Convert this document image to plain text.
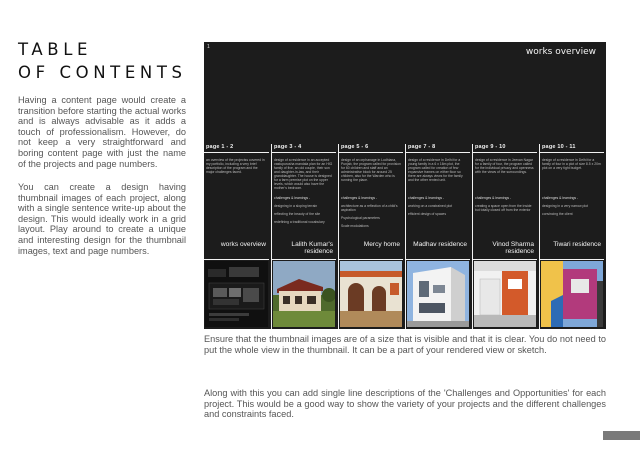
TABLE
OF CONTENTS

Having a content page would create a transition before starting the actual works and is always advisable as it adds a touch of professionalism. However, do not keep a very straightforward and boring content page with just the name of the projects and page numbers.

You can create a design having thumbnail images of each project, along with a single sentence write-up about the design. This would ideally work in a grid layout. Play around to create a unique and interesting design for the thumbnail images, text and page numbers.

1	works overview
page 1 - 2

an overview of the projectss covered in my portfolio, including a very brief description of the program and the major challenges faced.

works overview
page 3 - 4

design of a residence in an accepted vastupurusha mandala plan for an HIG family of five, an old couple, their son and daughter-in-law, and their granddaughter. The house is designed for a farm premise plot on the upper levels, which would also have the mother's bedroom.

challenges & learnings -
designing in a sloping terrain
reflecting the beauty of the site
redefining a traditional vocabulary
Lalith Kumar's residence
page 5 - 6

design of an orphanage in Ludhiana, Punjab, the program called for provision for 60 children and staff and an administrative block for around 25 children, also for the Warden who is running the place.

challenges & learnings -
architecture as a reflection of a child's aspiration
Psychological parameters
Scale modulations
Mercy home
page 7 - 8

design of a residence in Delhi for a young family in a 6 x 16m plot, the program called for creation of few expansive frames on either floor so there are always views for the family and the other rented unit.

challenges & learnings -
working on a constrained plot
efficient design of spaces
Madhav residence
page 9 - 10

design of a residence in Jeevan Nagar for a family of four, the program called for the individual privacy and openness with the views of the surroundings.

challenges & learnings -
creating a space open from the inside but totally closed off from the exterior
Vinod Sharma residence
page 10 - 11

design of a residence in Delhi for a family of four in a plot of size 8.5 x 20m plot on a very tight budget.

challenges & learnings -
designing in a very narrow plot
convincing the client
Tiwari residence

Ensure that the thumbnail images are of a size that is visible and that it is clear. You do not need to put the whole view in the thumbnail. It can be a part of your rendered view or sketch.

Along with this you can add single line descriptions of the 'Challenges and Opportunities' for each project. This would be a good way to show the variety of your projects and the different challenges and constraints faced.
